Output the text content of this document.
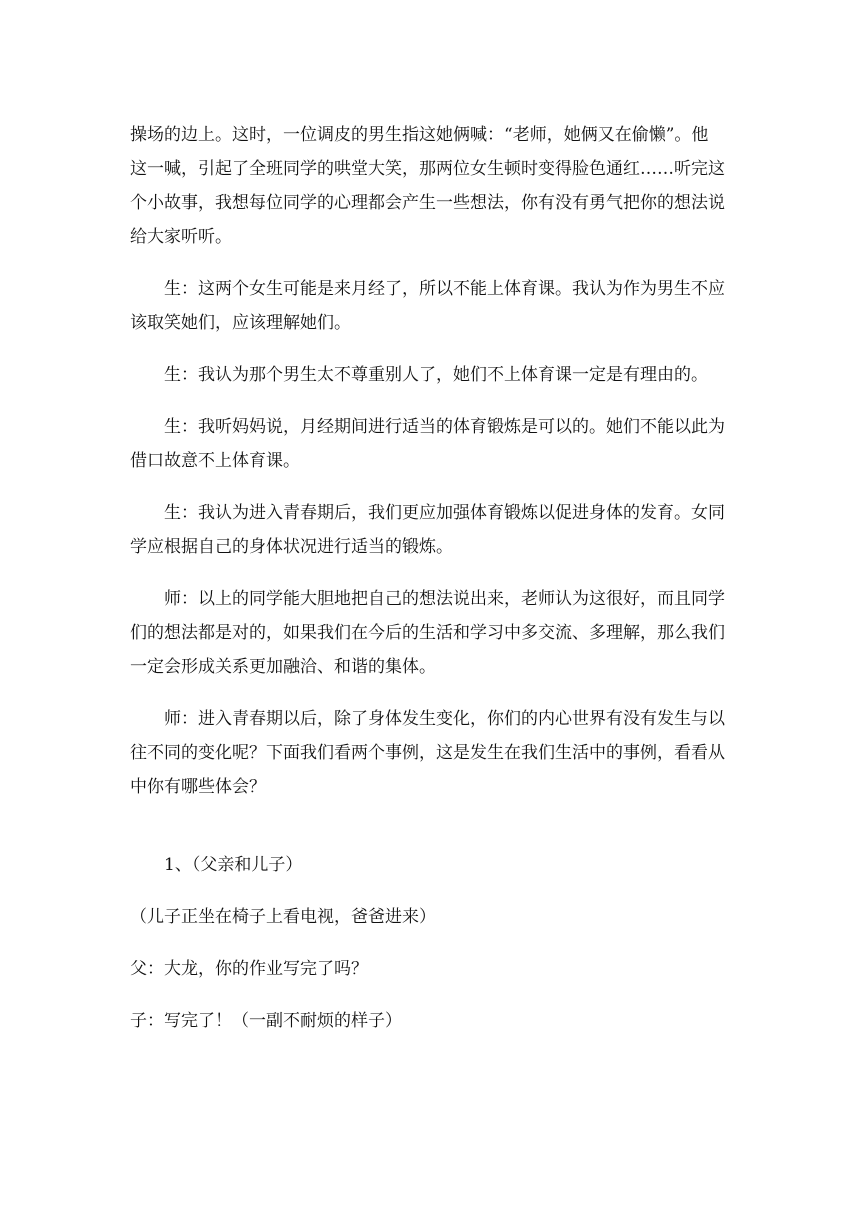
操场的边上。这时，一位调皮的男生指这她俩喊：“老师，她俩又在偷懒”。他

这一喊，引起了全班同学的哄堂大笑，那两位女生顿时变得脸色通红……听完这

个小故事，我想每位同学的心理都会产生一些想法，你有没有勇气把你的想法说

给大家听听。

生：这两个女生可能是来月经了，所以不能上体育课。我认为作为男生不应

该取笑她们，应该理解她们。

生：我认为那个男生太不尊重别人了，她们不上体育课一定是有理由的。

生：我听妈妈说，月经期间进行适当的体育锻炼是可以的。她们不能以此为

借口故意不上体育课。

生：我认为进入青春期后，我们更应加强体育锻炼以促进身体的发育。女同

学应根据自己的身体状况进行适当的锻炼。

师：以上的同学能大胆地把自己的想法说出来，老师认为这很好，而且同学

们的想法都是对的，如果我们在今后的生活和学习中多交流、多理解，那么我们

一定会形成关系更加融洽、和谐的集体。

师：进入青春期以后，除了身体发生变化，你们的内心世界有没有发生与以

往不同的变化呢？下面我们看两个事例，这是发生在我们生活中的事例，看看从

中你有哪些体会？

1、（父亲和儿子）

（儿子正坐在椅子上看电视，爸爸进来）

父：大龙，你的作业写完了吗？

子：写完了！（一副不耐烦的样子）
